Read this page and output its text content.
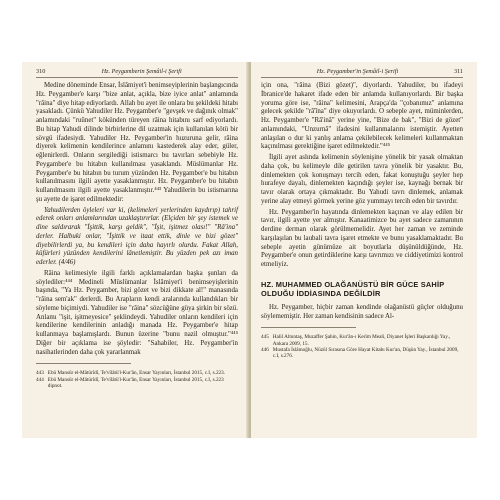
310	Hz. Peygamberin Şemâil-i Şerifi

Medine döneminde Ensar, İslâmiyet'i benimseyiplerinin başlangıcında Hz. Peygamber'e karşı "bize anlat, açıkla, bize iyice anlat" anlamında "râina" diye hitap ediyorlardı. Allah bu ayet ile onlara bu şekildeki hitabı yasakladı. Çünkü Yahudiler Hz. Peygamber'e "gevşek ve dağınık olmak" anlamındaki "ruûnet" kökünden türeyen râina hitabını sarf ediyorlardı. Bu hitap Yahudi dilinde birbirlerine dil uzatmak için kullanılan kötü bir sövgü ifadesiydi. Yahudiler Hz. Peygamber'in huzuruna gelir, râina diyerek kelimenin kendilerince anlamını kastederek alay eder, güler, eğlenirlerdi. Onların sergilediği istismarcı bu tavırları sebebiyle Hz. Peygamber'e bu hitabın kullanılması yasaklandı. Müslümanlar Hz. Peygamber'e bu hitabın bu turum yüzünden Hz. Peygamber'e bu hitabın kullanılmasını ilgili ayette yasaklanmıştır. Hz. Peygamber'e bu hitabın kullanılmasını ilgili ayette yasaklanmıştır.⁴⁴³ Yahudilerin bu istismarına şu ayette de işaret edilmektedir:

Yahudilerden öyleleri var ki, (kelimeleri yerlerinden kaydırıp) tahrif ederek onları anlamlarından uzaklaştırırlar. (Elçiden bir şey istemek ve dine saldırarak "İşittik, karşı geldik", "İşit, işitmez olası!" "Râ'ina" derler. Halbuki onlar, "İşittik ve itaat ettik, dinle ve bizi gözet" diyebilirlerdi ya, bu kendileri için daha hayırlı olurdu. Fakat Allah, küfürleri yüzünden kendilerini lânetlemiştir. Bu yüzden pek azı iman ederler. (4/46)

Râina kelimesiyle ilgili farklı açıklamalardan başka şunları da söylediler:⁴⁴⁴ Medineli Müslümanlar İslâmiyet'i benimseyişlerinin başında, "Ya Hz. Peygamber, bizi gözet ve bizi dikkate al!" manasında "râina sem'ak" derlerdi. Bu Arapların kendi aralarında kullandıkları bir söyleme biçimiydi. Yahudiler ise "râina" sözcüğüne güya şirkin bir sözü. Anlamı "işit, işitmeyesice" şeklindeydi. Yahudiler onların kendileri için kendilerine kendilerinin anladığı manada Hz. Peygamber'e hitap kullanmaya başlamışlardı. Bunun üzerine "bunu nazil olmuştur."⁴⁴⁵ Diğer bir açıklama ise şöyledir: "Sahabiler, Hz. Peygamber'in nasihatlerinden daha çok yararlanmak

443 Ebû Mansûr el-Mâtürîdî, Te'vîlâtü'l-Kur'ân, Ensar Yayınları, İstanbul 2015, c.I, s.223.

444 Ebû Mansûr el-Mâtürîdî, Te'vîlâtü'l-Kur'ân, Ensar Yayınları, İstanbul 2015, c.I, s.223 dipnot.

Hz. Peygamber'in Şemâil-i Şerifi	311

için ona, "râina (Bizi gözet)", diyorlardı. Yahudiler, bu ifadeyi İbranice'de hakaret ifade eden bir anlamda kullanıyorlardı. Bir başka yoruma göre ise, "râina" kelimesini, Arapça'da "çobanımız" anlamına gelecek şekilde "râ'îna" diye okuyorlardı. O sebeple ayet, müminlerden, Hz. Peygamber'e "Râ'inâ" yerine yine, "Bize de bak", "Bizi de gözet" anlamındaki, "Unzurnâ" ifadesini kullanmalarını istemiştir. Ayetten anlaşılan o dur ki yanlış anlama çekilebilecek kelimeleri kullanmaktan kaçınılması gerektiğine işaret edilmektedir."⁴⁴⁵

İlgili ayet aslında kelimenin söylenişine yönelik bir yasak olmaktan daha çok, bu kelimeyle dile getirilen tavra yönelik bir yasaktır. Bu, dinlemekten çok konuşmayı tercih eden, fakat konuştuğu şeyler hep hurafeye dayalı, dinlemekten kaçındığı şeyler ise, kaynağı bernak bir tavır olarak ortaya çıkmaktadır. Bu Yahudi tavrı dinlemek, anlamak yerine alay etmeyi görmek yerine göz yummayı tercih eden bir tavırdır.

Hz. Peygamber'in hayatında dinlemekten kaçınan ve alay edilen bir tavır, ilgili ayette yer almıştır. Kanaatimizce bu ayet sadece zamanının derdine derman olarak görülmemelidir. Ayet her zaman ve zeminde karşılaşılan bu laubali tavra işaret etmekte ve bunu yasaklamaktadır. Bu sebeple ayetin günümüze ait boyutlarla düşünüldüğünde, Hz. Peygamber'e onun getirdiklerine karşı tavrımızı ve ciddiyetimizi kontrol etmeliyiz.

HZ. MUHAMMED OLAĞANÜSTÜ BİR GÜCE SAHİP OLDUĞU İDDİASINDA DEĞİLDİR

Hz. Peygamber, hiçbir zaman kendinde olağanüstü güçler olduğunu söylememiştir. Her zaman kendisinin sadece Al-

445 Halil Altuntaş, Muzaffer Şahin, Kur'ân-ı Kerîm Meali, Diyanet İşleri Başkanlığı Yay., Ankara 2009, 15.

446 Mustafa İslâmoğlu, Nüzûl Sırasına Göre Hayat Kitabı Kur'an, Düşün Yay., İstanbul 2009, c.I, s.276.
